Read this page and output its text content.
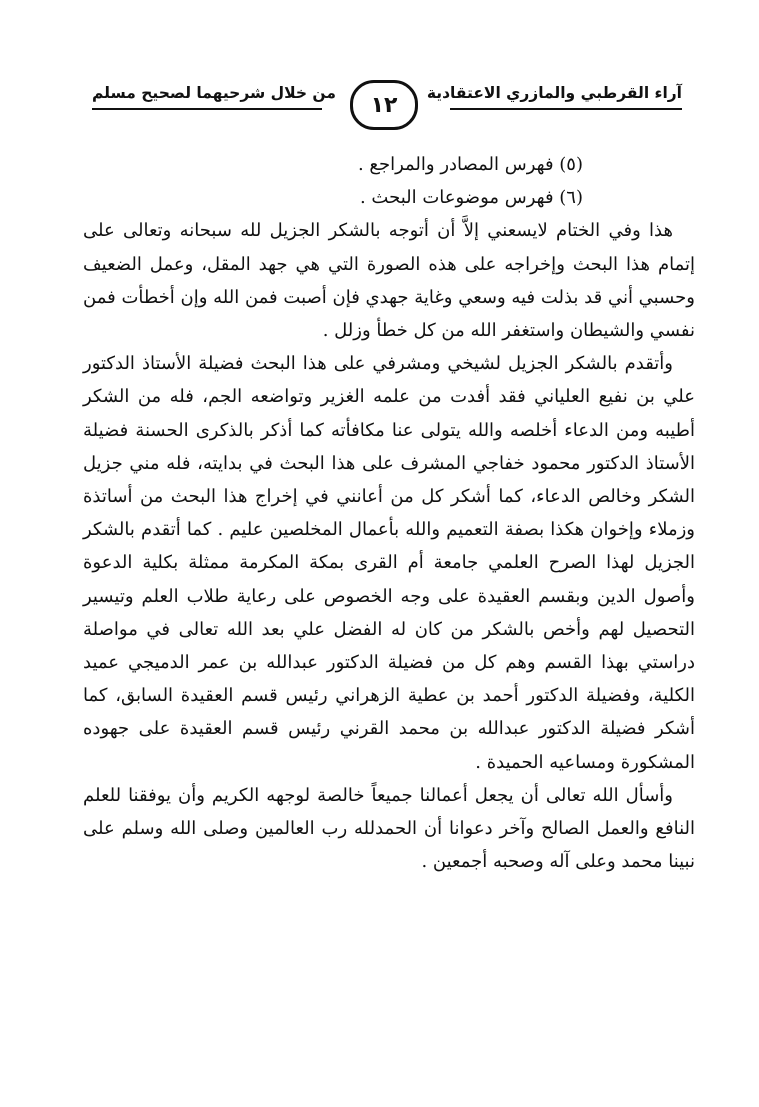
آراء القرطبي والمازري الاعتقادية
١٢
من خلال شرحيهما لصحيح مسلم

(٥) فهرس المصادر والمراجع .

(٦) فهرس موضوعات البحث .

هذا وفي الختام لايسعني إلاَّ أن أتوجه بالشكر الجزيل لله سبحانه وتعالى على إتمام هذا البحث وإخراجه على هذه الصورة التي هي جهد المقل، وعمل الضعيف وحسبي أني قد بذلت فيه وسعي وغاية جهدي فإن أصبت فمن الله وإن أخطأت فمن نفسي والشيطان واستغفر الله من كل خطأ وزلل .

وأتقدم بالشكر الجزيل لشيخي ومشرفي على هذا البحث فضيلة الأستاذ الدكتور علي بن نفيع العلياني فقد أفدت من علمه الغزير وتواضعه الجم، فله من الشكر أطيبه ومن الدعاء أخلصه والله يتولى عنا مكافأته كما أذكر بالذكرى الحسنة فضيلة الأستاذ الدكتور محمود خفاجي المشرف على هذا البحث في بدايته، فله مني جزيل الشكر وخالص الدعاء، كما أشكر كل من أعانني في إخراج هذا البحث من أساتذة وزملاء وإخوان هكذا بصفة التعميم والله بأعمال المخلصين عليم . كما أتقدم بالشكر الجزيل لهذا الصرح العلمي جامعة أم القرى بمكة المكرمة ممثلة بكلية الدعوة وأصول الدين وبقسم العقيدة على وجه الخصوص على رعاية طلاب العلم وتيسير التحصيل لهم وأخص بالشكر من كان له الفضل علي بعد الله تعالى في مواصلة دراستي بهذا القسم وهم كل من فضيلة الدكتور عبدالله بن عمر الدميجي عميد الكلية، وفضيلة الدكتور أحمد بن عطية الزهراني رئيس قسم العقيدة السابق، كما أشكر فضيلة الدكتور عبدالله بن محمد القرني رئيس قسم العقيدة على جهوده المشكورة ومساعيه الحميدة .

وأسأل الله تعالى أن يجعل أعمالنا جميعاً خالصة لوجهه الكريم وأن يوفقنا للعلم النافع والعمل الصالح وآخر دعوانا أن الحمدلله رب العالمين وصلى الله وسلم على نبينا محمد وعلى آله وصحبه أجمعين .
